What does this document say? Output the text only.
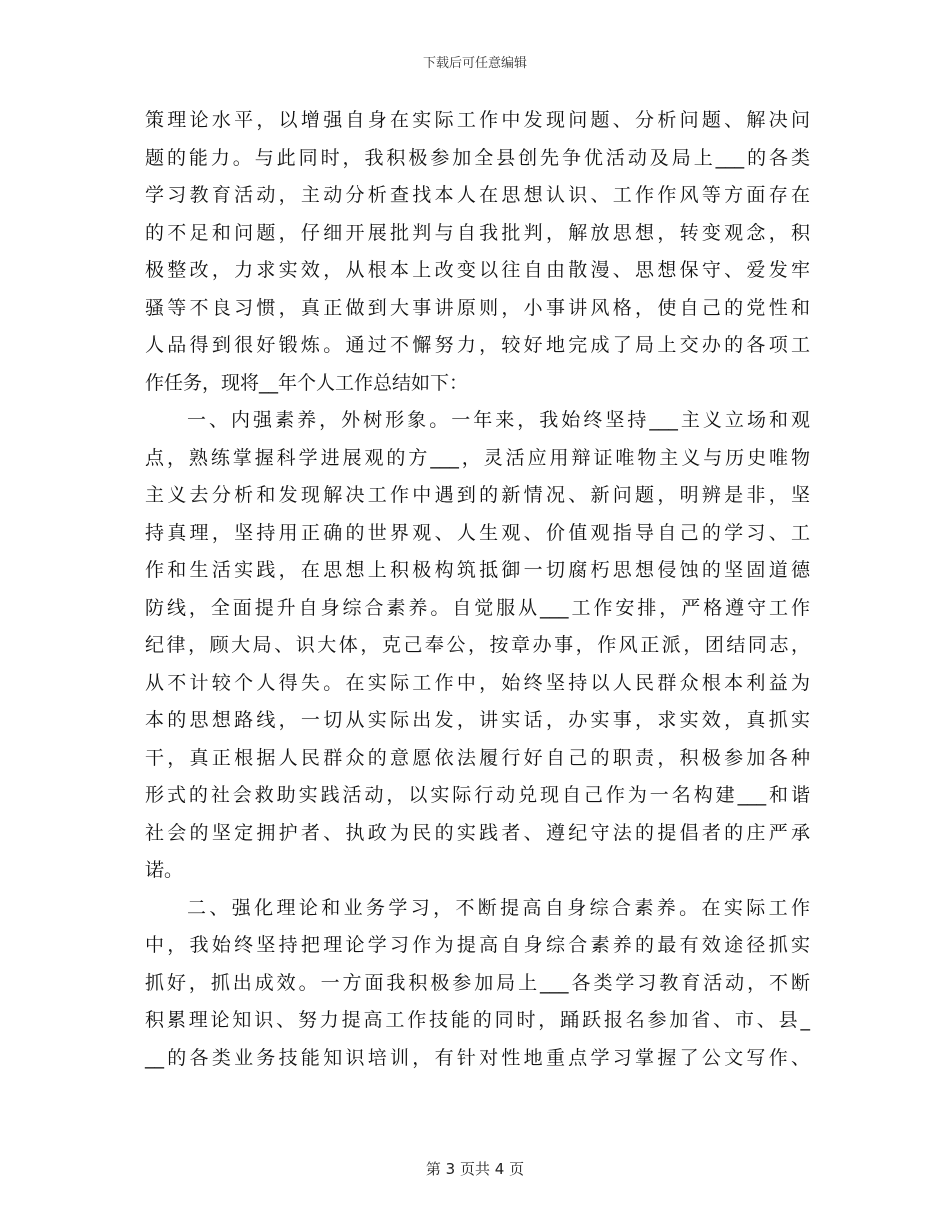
下载后可任意编辑
策理论水平，以增强自身在实际工作中发现问题、分析问题、解决问
题的能力。与此同时，我积极参加全县创先争优活动及局上___的各类
学习教育活动，主动分析查找本人在思想认识、工作作风等方面存在
的不足和问题，仔细开展批判与自我批判，解放思想，转变观念，积
极整改，力求实效，从根本上改变以往自由散漫、思想保守、爱发牢
骚等不良习惯，真正做到大事讲原则，小事讲风格，使自己的党性和
人品得到很好锻炼。通过不懈努力，较好地完成了局上交办的各项工
作任务，现将__年个人工作总结如下：
一、内强素养，外树形象。一年来，我始终坚持___主义立场和观
点，熟练掌握科学进展观的方___，灵活应用辩证唯物主义与历史唯物
主义去分析和发现解决工作中遇到的新情况、新问题，明辨是非，坚
持真理，坚持用正确的世界观、人生观、价值观指导自己的学习、工
作和生活实践，在思想上积极构筑抵御一切腐朽思想侵蚀的坚固道德
防线，全面提升自身综合素养。自觉服从___工作安排，严格遵守工作
纪律，顾大局、识大体，克己奉公，按章办事，作风正派，团结同志，
从不计较个人得失。在实际工作中，始终坚持以人民群众根本利益为
本的思想路线，一切从实际出发，讲实话，办实事，求实效，真抓实
干，真正根据人民群众的意愿依法履行好自己的职责，积极参加各种
形式的社会救助实践活动，以实际行动兑现自己作为一名构建___和谐
社会的坚定拥护者、执政为民的实践者、遵纪守法的提倡者的庄严承
诺。
二、强化理论和业务学习，不断提高自身综合素养。在实际工作
中，我始终坚持把理论学习作为提高自身综合素养的最有效途径抓实
抓好，抓出成效。一方面我积极参加局上___各类学习教育活动，不断
积累理论知识、努力提高工作技能的同时，踊跃报名参加省、市、县_
__的各类业务技能知识培训，有针对性地重点学习掌握了公文写作、
第 3 页共 4 页
